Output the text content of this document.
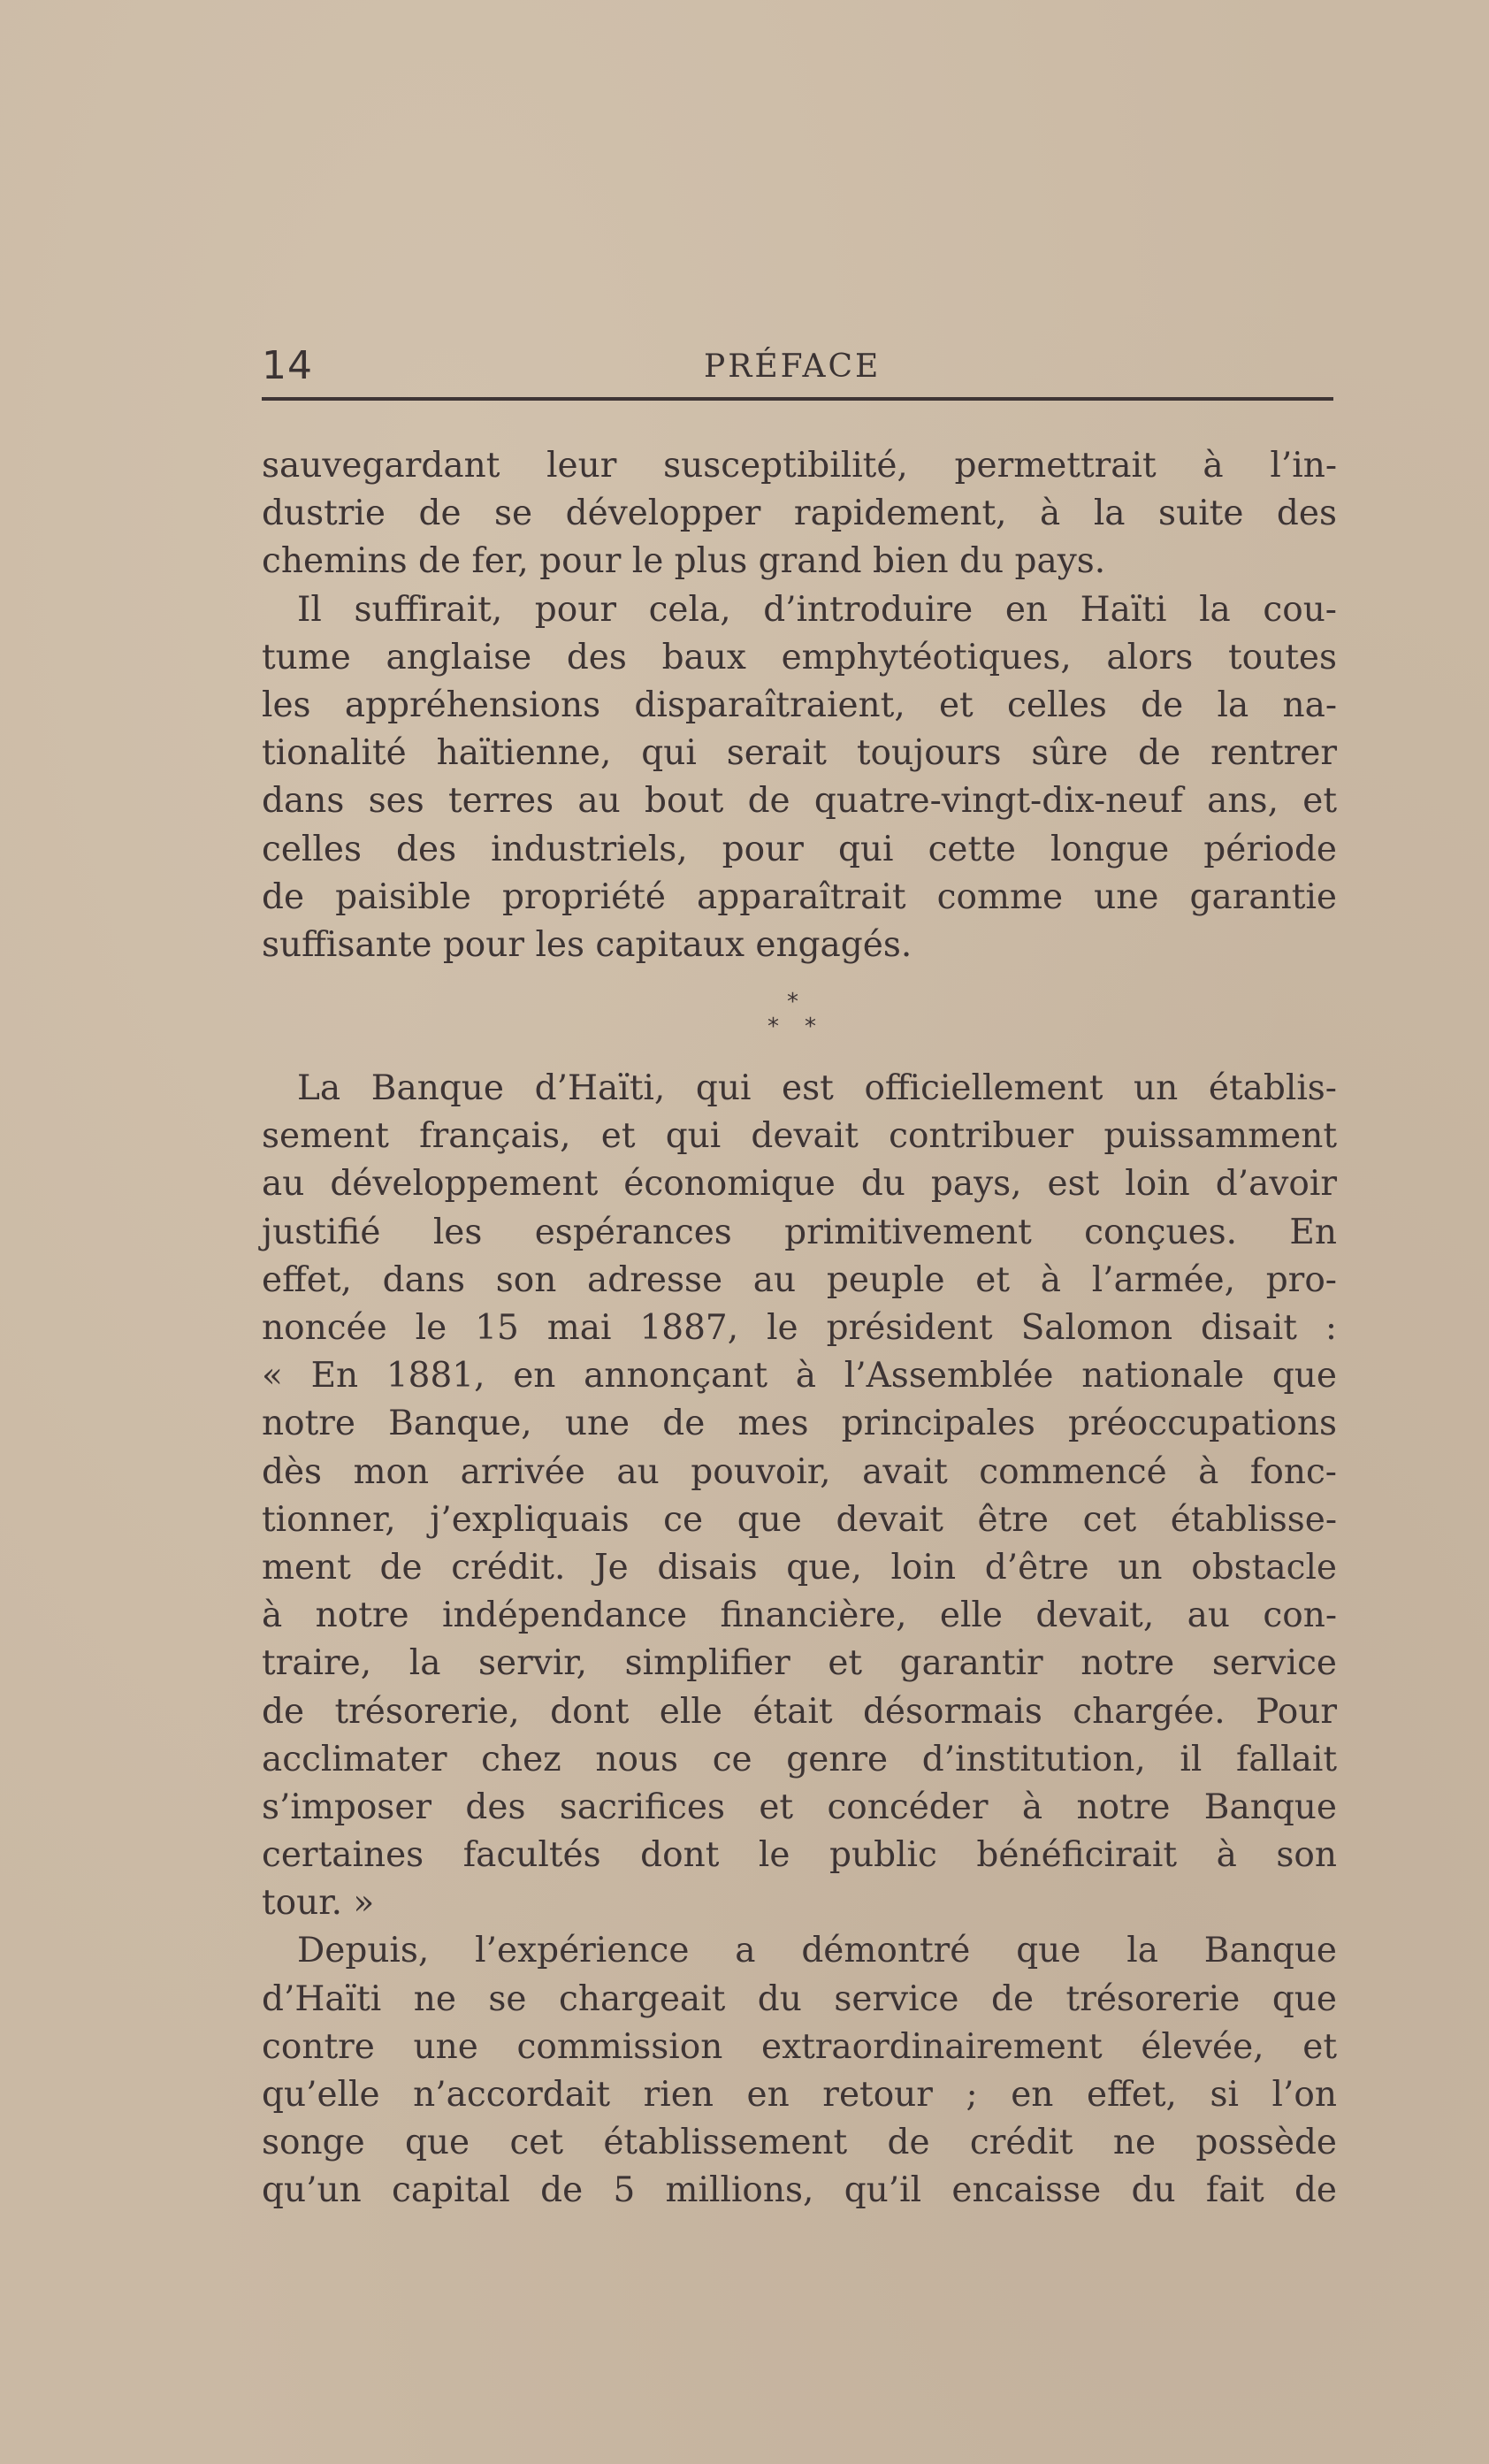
14	PRÉFACE
sauvegardant leur susceptibilité, permettrait à l’in-
dustrie de se développer rapidement, à la suite des
chemins de fer, pour le plus grand bien du pays.
Il suffirait, pour cela, d’introduire en Haïti la cou-
tume anglaise des baux emphytéotiques, alors toutes
les appréhensions disparaîtraient, et celles de la na-
tionalité haïtienne, qui serait toujours sûre de rentrer
dans ses terres au bout de quatre-vingt-dix-neuf ans, et
celles des industriels, pour qui cette longue période
de paisible propriété apparaîtrait comme une garantie
suffisante pour les capitaux engagés.
La Banque d’Haïti, qui est officiellement un établis-
sement français, et qui devait contribuer puissamment
au développement économique du pays, est loin d’avoir
justifié les espérances primitivement conçues. En
effet, dans son adresse au peuple et à l’armée, pro-
noncée le 15 mai 1887, le président Salomon disait :
« En 1881, en annonçant à l’Assemblée nationale que
notre Banque, une de mes principales préoccupations
dès mon arrivée au pouvoir, avait commencé à fonc-
tionner, j’expliquais ce que devait être cet établisse-
ment de crédit. Je disais que, loin d’être un obstacle
à notre indépendance financière, elle devait, au con-
traire, la servir, simplifier et garantir notre service
de trésorerie, dont elle était désormais chargée. Pour
acclimater chez nous ce genre d’institution, il fallait
s’imposer des sacrifices et concéder à notre Banque
certaines facultés dont le public bénéficirait à son
tour. »
Depuis, l’expérience a démontré que la Banque
d’Haïti ne se chargeait du service de trésorerie que
contre une commission extraordinairement élevée, et
qu’elle n’accordait rien en retour ; en effet, si l’on
songe que cet établissement de crédit ne possède
qu’un capital de 5 millions, qu’il encaisse du fait de
*
* *
